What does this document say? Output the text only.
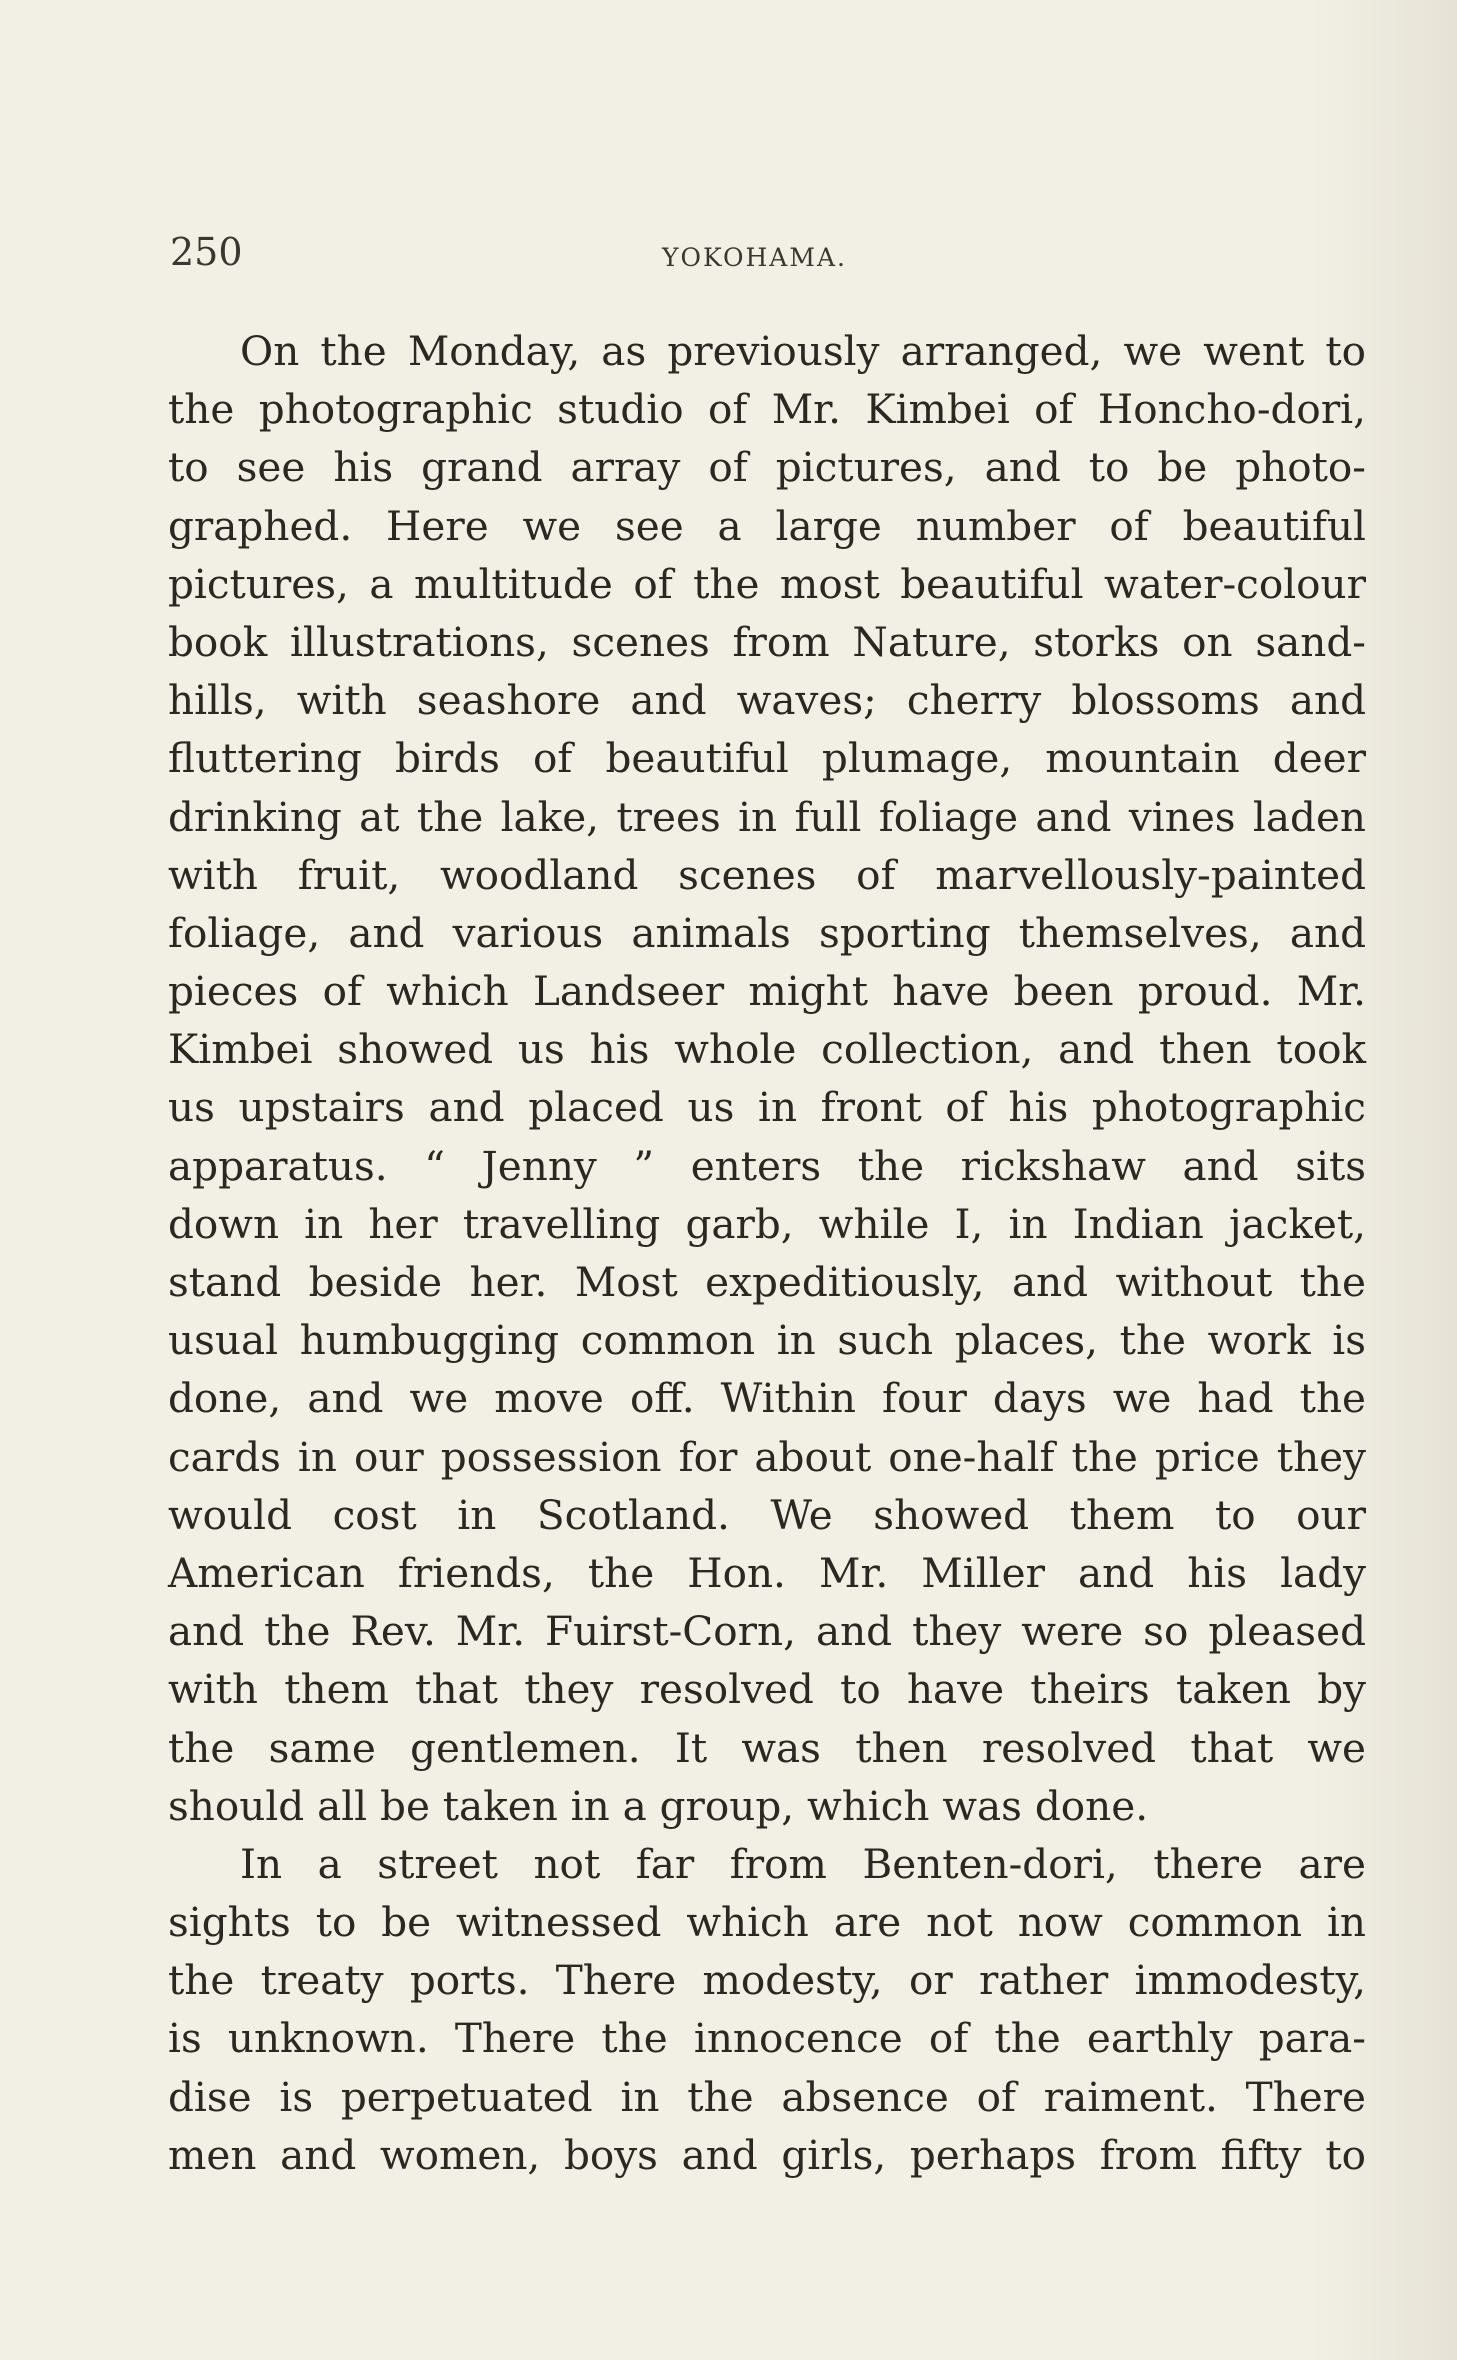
250	YOKOHAMA.
On the Monday, as previously arranged, we went to
the photographic studio of Mr. Kimbei of Honcho-dori,
to see his grand array of pictures, and to be photo-
graphed. Here we see a large number of beautiful
pictures, a multitude of the most beautiful water-colour
book illustrations, scenes from Nature, storks on sand-
hills, with seashore and waves; cherry blossoms and
fluttering birds of beautiful plumage, mountain deer
drinking at the lake, trees in full foliage and vines laden
with fruit, woodland scenes of marvellously-painted
foliage, and various animals sporting themselves, and
pieces of which Landseer might have been proud. Mr.
Kimbei showed us his whole collection, and then took
us upstairs and placed us in front of his photographic
apparatus. “ Jenny ” enters the rickshaw and sits
down in her travelling garb, while I, in Indian jacket,
stand beside her. Most expeditiously, and without the
usual humbugging common in such places, the work is
done, and we move off. Within four days we had the
cards in our possession for about one-half the price they
would cost in Scotland. We showed them to our
American friends, the Hon. Mr. Miller and his lady
and the Rev. Mr. Fuirst-Corn, and they were so pleased
with them that they resolved to have theirs taken by
the same gentlemen. It was then resolved that we
should all be taken in a group, which was done.
In a street not far from Benten-dori, there are
sights to be witnessed which are not now common in
the treaty ports. There modesty, or rather immodesty,
is unknown. There the innocence of the earthly para-
dise is perpetuated in the absence of raiment. There
men and women, boys and girls, perhaps from fifty to
